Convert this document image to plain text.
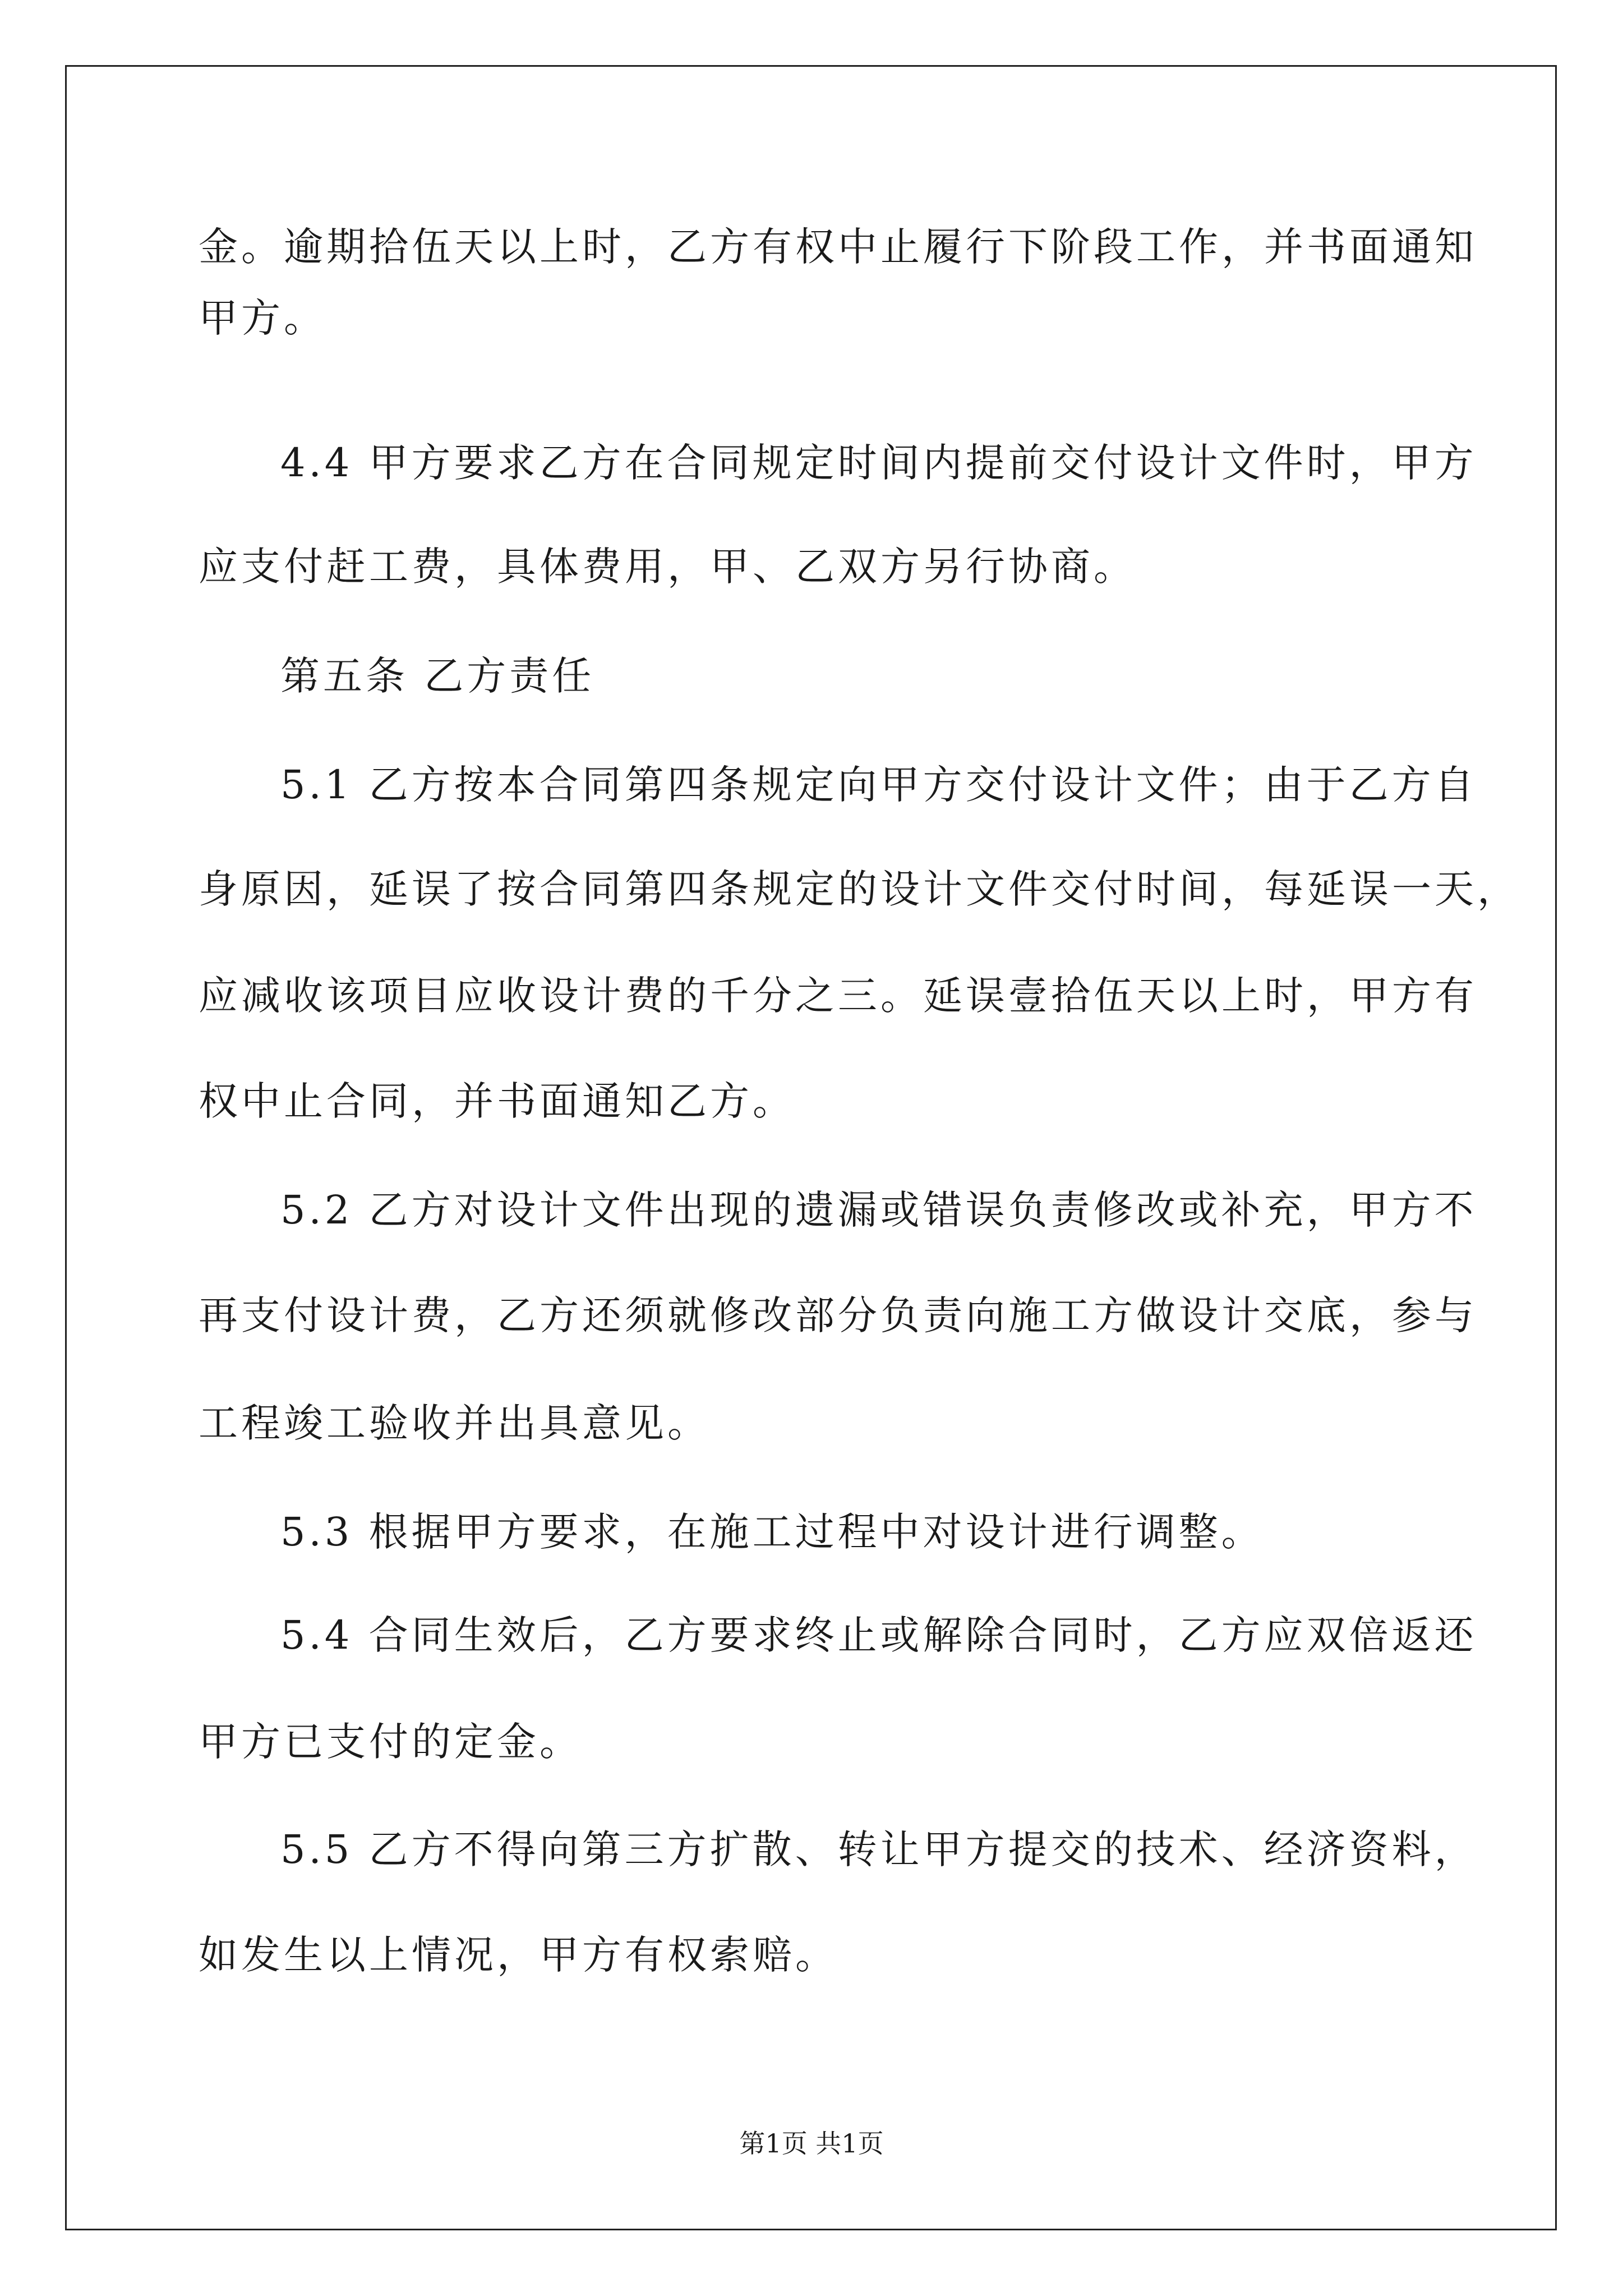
金。逾期拾伍天以上时，乙方有权中止履行下阶段工作，并书面通知
甲方。
4.4 甲方要求乙方在合同规定时间内提前交付设计文件时，甲方
应支付赶工费，具体费用，甲、乙双方另行协商。
第五条 乙方责任
5.1 乙方按本合同第四条规定向甲方交付设计文件；由于乙方自
身原因，延误了按合同第四条规定的设计文件交付时间，每延误一天，
应减收该项目应收设计费的千分之三。延误壹拾伍天以上时，甲方有
权中止合同，并书面通知乙方。
5.2 乙方对设计文件出现的遗漏或错误负责修改或补充，甲方不
再支付设计费，乙方还须就修改部分负责向施工方做设计交底，参与
工程竣工验收并出具意见。
5.3 根据甲方要求，在施工过程中对设计进行调整。
5.4 合同生效后，乙方要求终止或解除合同时，乙方应双倍返还
甲方已支付的定金。
5.5 乙方不得向第三方扩散、转让甲方提交的技术、经济资料，
如发生以上情况，甲方有权索赔。
第1页 共1页
